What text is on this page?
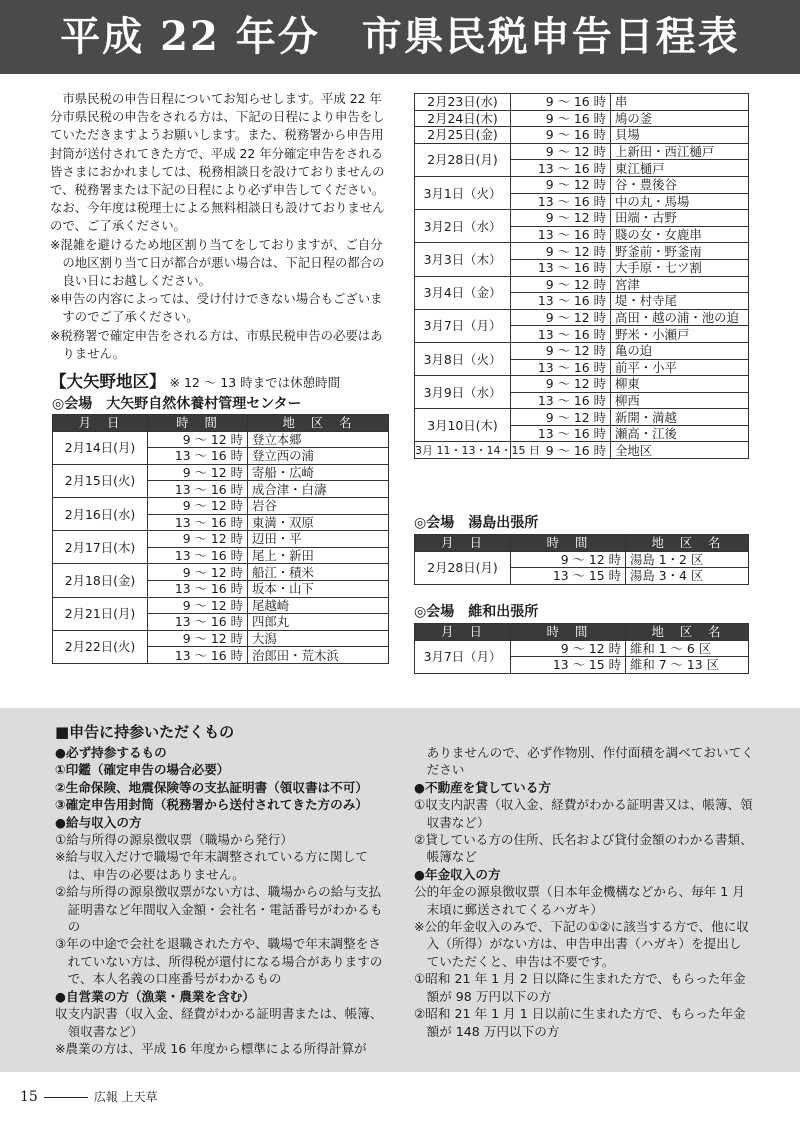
平成 22 年分　市県民税申告日程表

市県民税の申告日程についてお知らせします。平成 22 年分市県民税の申告をされる方は、下記の日程により申告をしていただきますようお願いします。また、税務署から申告用封筒が送付されてきた方で、平成 22 年分確定申告をされる皆さまにおかれましては、税務相談日を設けておりませんので、税務署または下記の日程により必ず申告してください。なお、今年度は税理士による無料相談日も設けておりませんので、ご了承ください。

※混雑を避けるため地区割り当てをしておりますが、ご自分の地区割り当て日が都合が悪い場合は、下記日程の都合の良い日にお越しください。

※申告の内容によっては、受け付けできない場合もございますのでご了承ください。

※税務署で確定申告をされる方は、市県民税申告の必要はありません。

【大矢野地区】 ※ 12 ～ 13 時までは休憩時間
◎会場　大矢野自然休養村管理センター
月 日	時 間	地 区 名
2月14日(月)	9 ～ 12 時	登立本郷
	13 ～ 16 時	登立西の浦
2月15日(火)	9 ～ 12 時	寄船・広崎
	13 ～ 16 時	成合津・白濤
2月16日(水)	9 ～ 12 時	岩谷
	13 ～ 16 時	東満・双原
2月17日(木)	9 ～ 12 時	辺田・平
	13 ～ 16 時	尾上・新田
2月18日(金)	9 ～ 12 時	船江・積米
	13 ～ 16 時	坂本・山下
2月21日(月)	9 ～ 12 時	尾越崎
	13 ～ 16 時	四郎丸
2月22日(火)	9 ～ 12 時	大潟
	13 ～ 16 時	治郎田・荒木浜
2月23日(水)	9 ～ 16 時	串
2月24日(木)	9 ～ 16 時	鳩の釜
2月25日(金)	9 ～ 16 時	貝場
2月28日(月)	9 ～ 12 時	上新田・西江樋戸
	13 ～ 16 時	東江樋戸
3月1日（火）	9 ～ 12 時	谷・豊後谷
	13 ～ 16 時	中の丸・馬場
3月2日（水）	9 ～ 12 時	田端・古野
	13 ～ 16 時	賤の女・女鹿串
3月3日（木）	9 ～ 12 時	野釜前・野釜南
	13 ～ 16 時	大手原・七ツ割
3月4日（金）	9 ～ 12 時	宮津
	13 ～ 16 時	堤・村寺尾
3月7日（月）	9 ～ 12 時	高田・越の浦・池の迫
	13 ～ 16 時	野米・小瀬戸
3月8日（火）	9 ～ 12 時	亀の迫
	13 ～ 16 時	前平・小平
3月9日（水）	9 ～ 12 時	柳東
	13 ～ 16 時	柳西
3月10日(木)	9 ～ 12 時	新開・満越
	13 ～ 16 時	瀬高・江後
3月 11・13・14・15 日	9 ～ 16 時	全地区
◎会場　湯島出張所
月 日	時 間	地 区 名
2月28日(月)	9 ～ 12 時	湯島 1・2 区
	13 ～ 15 時	湯島 3・4 区
◎会場　維和出張所
月 日	時 間	地 区 名
3月7日（月）	9 ～ 12 時	維和 1 ～ 6 区
	13 ～ 15 時	維和 7 ～ 13 区
■申告に持参いただくもの
●必ず持参するもの
①印鑑（確定申告の場合必要）
②生命保険、地震保険等の支払証明書（領収書は不可）
③確定申告用封筒（税務署から送付されてきた方のみ）
●給与収入の方
①給与所得の源泉徴収票（職場から発行）
※給与収入だけで職場で年末調整されている方に関しては、申告の必要はありません。
②給与所得の源泉徴収票がない方は、職場からの給与支払証明書など年間収入金額・会社名・電話番号がわかるもの
③年の中途で会社を退職された方や、職場で年末調整をされていない方は、所得税が還付になる場合がありますので、本人名義の口座番号がわかるもの
●自営業の方（漁業・農業を含む）
収支内訳書（収入金、経費がわかる証明書または、帳簿、領収書など）
※農業の方は、平成 16 年度から標準による所得計算が
ありませんので、必ず作物別、作付面積を調べておいてください
●不動産を貸している方
①収支内訳書（収入金、経費がわかる証明書又は、帳簿、領収書など）
②貸している方の住所、氏名および貸付金額のわかる書類、帳簿など
●年金収入の方
公的年金の源泉徴収票（日本年金機構などから、毎年 1 月末頃に郵送されてくるハガキ）
※公的年金収入のみで、下記の①②に該当する方で、他に収入（所得）がない方は、申告申出書（ハガキ）を提出していただくと、申告は不要です。
①昭和 21 年 1 月 2 日以降に生まれた方で、もらった年金額が 98 万円以下の方
②昭和 21 年 1 月 1 日以前に生まれた方で、もらった年金額が 148 万円以下の方
15	広報 上天草
